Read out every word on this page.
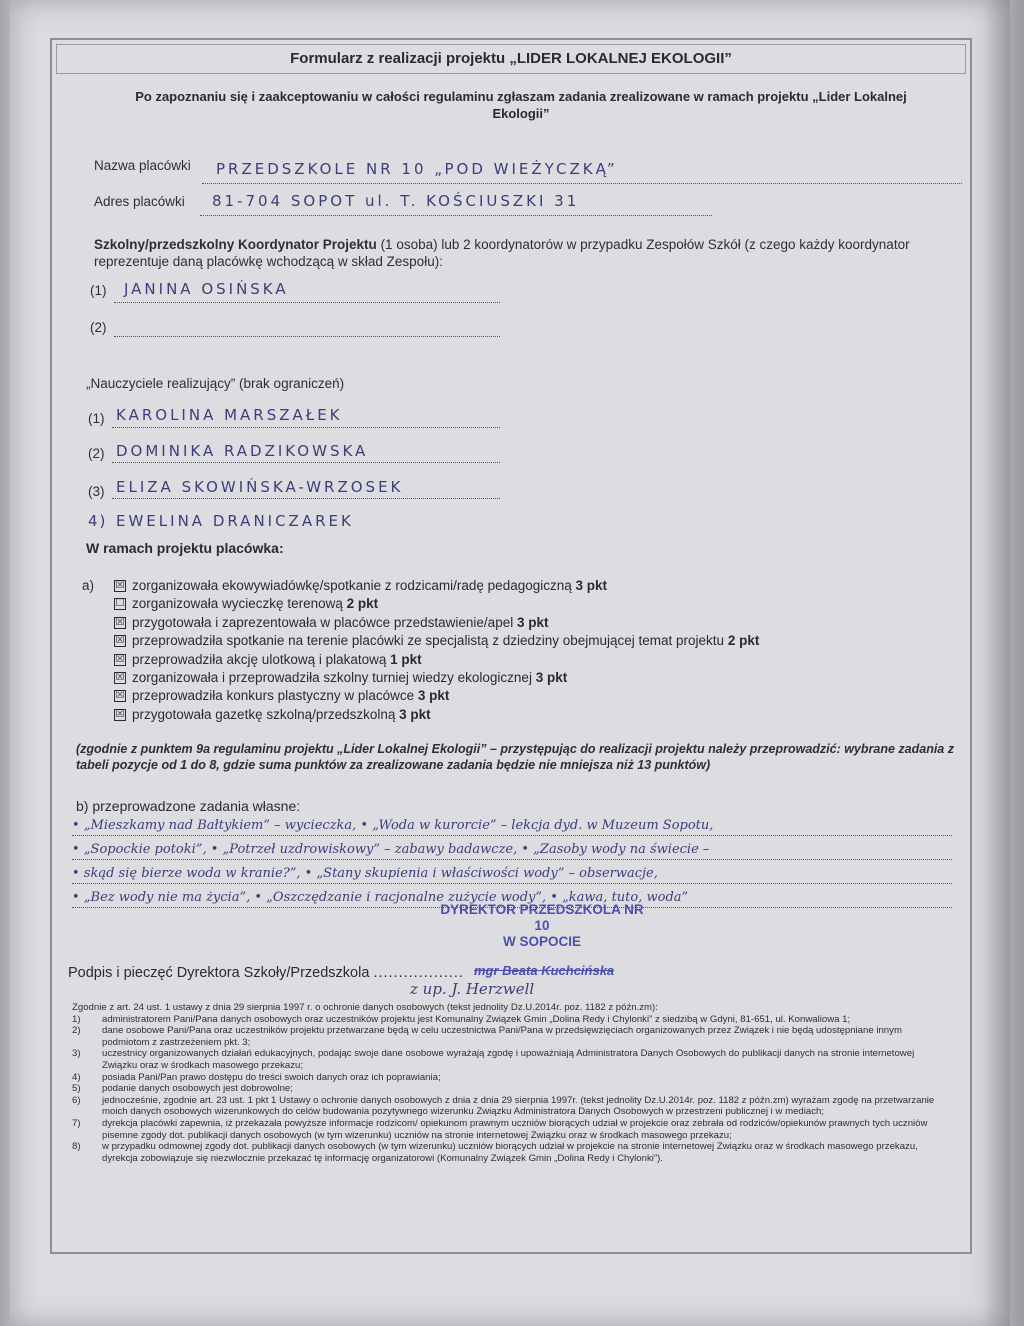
Formularz z realizacji projektu „LIDER LOKALNEJ EKOLOGII”
Po zapoznaniu się i zaakceptowaniu w całości regulaminu zgłaszam zadania zrealizowane w ramach projektu „Lider Lokalnej Ekologii”
Nazwa placówki PRZEDSZKOLE NR 10 „POD WIEŻYCZKĄ”
Adres placówki 81-704 SOPOT ul. T. KOŚCIUSZKI 31
Szkolny/przedszkolny Koordynator Projektu (1 osoba) lub 2 koordynatorów w przypadku Zespołów Szkół (z czego każdy koordynator reprezentuje daną placówkę wchodzącą w skład Zespołu):
(1) JANINA OSIŃSKA
(2)
„Nauczyciele realizujący” (brak ograniczeń)
(1) KAROLINA MARSZAŁEK
(2) DOMINIKA RADZIKOWSKA
(3) ELIZA SKOWIŃSKA-WRZOSEK
4) EWELINA DRANICZAREK
W ramach projektu placówka:
a) ☒ zorganizowała ekowywiadówkę/spotkanie z rodzicami/radę pedagogiczną 3 pkt
☐ zorganizowała wycieczkę terenową 2 pkt
☒ przygotowała i zaprezentowała w placówce przedstawienie/apel 3 pkt
☒ przeprowadziła spotkanie na terenie placówki ze specjalistą z dziedziny obejmującej temat projektu 2 pkt
☒ przeprowadziła akcję ulotkową i plakatową 1 pkt
☒ zorganizowała i przeprowadziła szkolny turniej wiedzy ekologicznej 3 pkt
☒ przeprowadziła konkurs plastyczny w placówce 3 pkt
☒ przygotowała gazetkę szkolną/przedszkolną 3 pkt
(zgodnie z punktem 9a regulaminu projektu „Lider Lokalnej Ekologii” – przystępując do realizacji projektu należy przeprowadzić: wybrane zadania z tabeli pozycje od 1 do 8, gdzie suma punktów za zrealizowane zadania będzie nie mniejsza niż 13 punktów)
b) przeprowadzone zadania własne:
• „Mieszkamy nad Bałtykiem” – wycieczka, • „Woda w kurorcie” – lekcja dyd. w Muzeum Sopotu,
• „Sopockie potoki”, • „Potrzeł uzdrowiskowy” – zabawy badawcze, • „Zasoby wody na świecie –
• skąd się bierze woda w kranie?”, • „Stany skupienia i właściwości wody” – obserwacje,
• „Bez wody nie ma życia”, • „Oszczędzanie i racjonalne zużycie wody”, • „kawa, tuto, woda”
DYREKTOR PRZEDSZKOLA NR 10
W SOPOCIE
Podpis i pieczęć Dyrektora Szkoły/Przedszkola .................. mgr Beata Kuchcińska
z up. J. Herzwell
Zgodnie z art. 24 ust. 1 ustawy z dnia 29 sierpnia 1997 r. o ochronie danych osobowych (tekst jednolity Dz.U.2014r. poz. 1182 z późn.zm):
1) administratorem Pani/Pana danych osobowych oraz uczestników projektu jest Komunalny Związek Gmin „Dolina Redy i Chylonki” z siedzibą w Gdyni, 81-651, ul. Konwaliowa 1;
2) dane osobowe Pani/Pana oraz uczestników projektu przetwarzane będą w celu uczestnictwa Pani/Pana w przedsięwzięciach organizowanych przez Związek i nie będą udostępniane innym podmiotom z zastrzeżeniem pkt. 3;
3) uczestnicy organizowanych działań edukacyjnych, podając swoje dane osobowe wyrażają zgodę i upoważniają Administratora Danych Osobowych do publikacji danych na stronie internetowej Związku oraz w środkach masowego przekazu;
4) posiada Pani/Pan prawo dostępu do treści swoich danych oraz ich poprawiania;
5) podanie danych osobowych jest dobrowolne;
6) jednocześnie, zgodnie art. 23 ust. 1 pkt 1 Ustawy o ochronie danych osobowych z dnia z dnia 29 sierpnia 1997r. (tekst jednolity Dz.U.2014r. poz. 1182 z późn.zm) wyrażam zgodę na przetwarzanie moich danych osobowych wizerunkowych do celów budowania pozytywnego wizerunku Związku Administratora Danych Osobowych w przestrzeni publicznej i w mediach;
7) dyrekcja placówki zapewnia, iż przekazała powyższe informacje rodzicom/ opiekunom prawnym uczniów biorących udział w projekcie oraz zebrała od rodziców/opiekunów prawnych tych uczniów pisemne zgody dot. publikacji danych osobowych (w tym wizerunku) uczniów na stronie internetowej Związku oraz w środkach masowego przekazu;
8) w przypadku odmownej zgody dot. publikacji danych osobowych (w tym wizerunku) uczniów biorących udział w projekcie na stronie internetowej Związku oraz w środkach masowego przekazu, dyrekcja zobowiązuje się niezwłocznie przekazać tę informację organizatorowi (Komunalny Związek Gmin „Dolina Redy i Chylonki”).
